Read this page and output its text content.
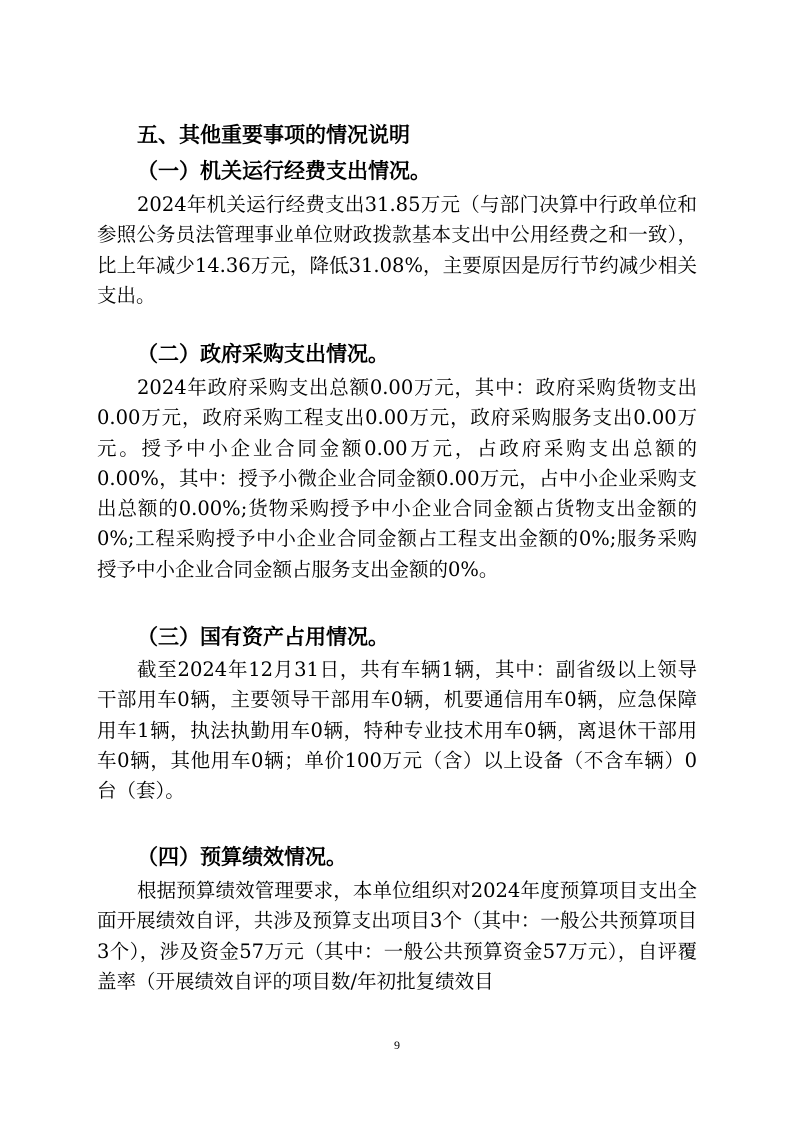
五、其他重要事项的情况说明
（一）机关运行经费支出情况。

2024年机关运行经费支出31.85万元（与部门决算中行政单位和参照公务员法管理事业单位财政拨款基本支出中公用经费之和一致），比上年减少14.36万元，降低31.08%，主要原因是厉行节约减少相关支出。

（二）政府采购支出情况。

2024年政府采购支出总额0.00万元，其中：政府采购货物支出0.00万元，政府采购工程支出0.00万元，政府采购服务支出0.00万元。授予中小企业合同金额0.00万元，占政府采购支出总额的0.00%，其中：授予小微企业合同金额0.00万元，占中小企业采购支出总额的0.00%;货物采购授予中小企业合同金额占货物支出金额的0%;工程采购授予中小企业合同金额占工程支出金额的0%;服务采购授予中小企业合同金额占服务支出金额的0%。

（三）国有资产占用情况。

截至2024年12月31日，共有车辆1辆，其中：副省级以上领导干部用车0辆，主要领导干部用车0辆，机要通信用车0辆，应急保障用车1辆，执法执勤用车0辆，特种专业技术用车0辆，离退休干部用车0辆，其他用车0辆；单价100万元（含）以上设备（不含车辆）0台（套）。

（四）预算绩效情况。

根据预算绩效管理要求，本单位组织对2024年度预算项目支出全面开展绩效自评，共涉及预算支出项目3个（其中：一般公共预算项目3个），涉及资金57万元（其中：一般公共预算资金57万元），自评覆盖率（开展绩效自评的项目数/年初批复绩效目

9
